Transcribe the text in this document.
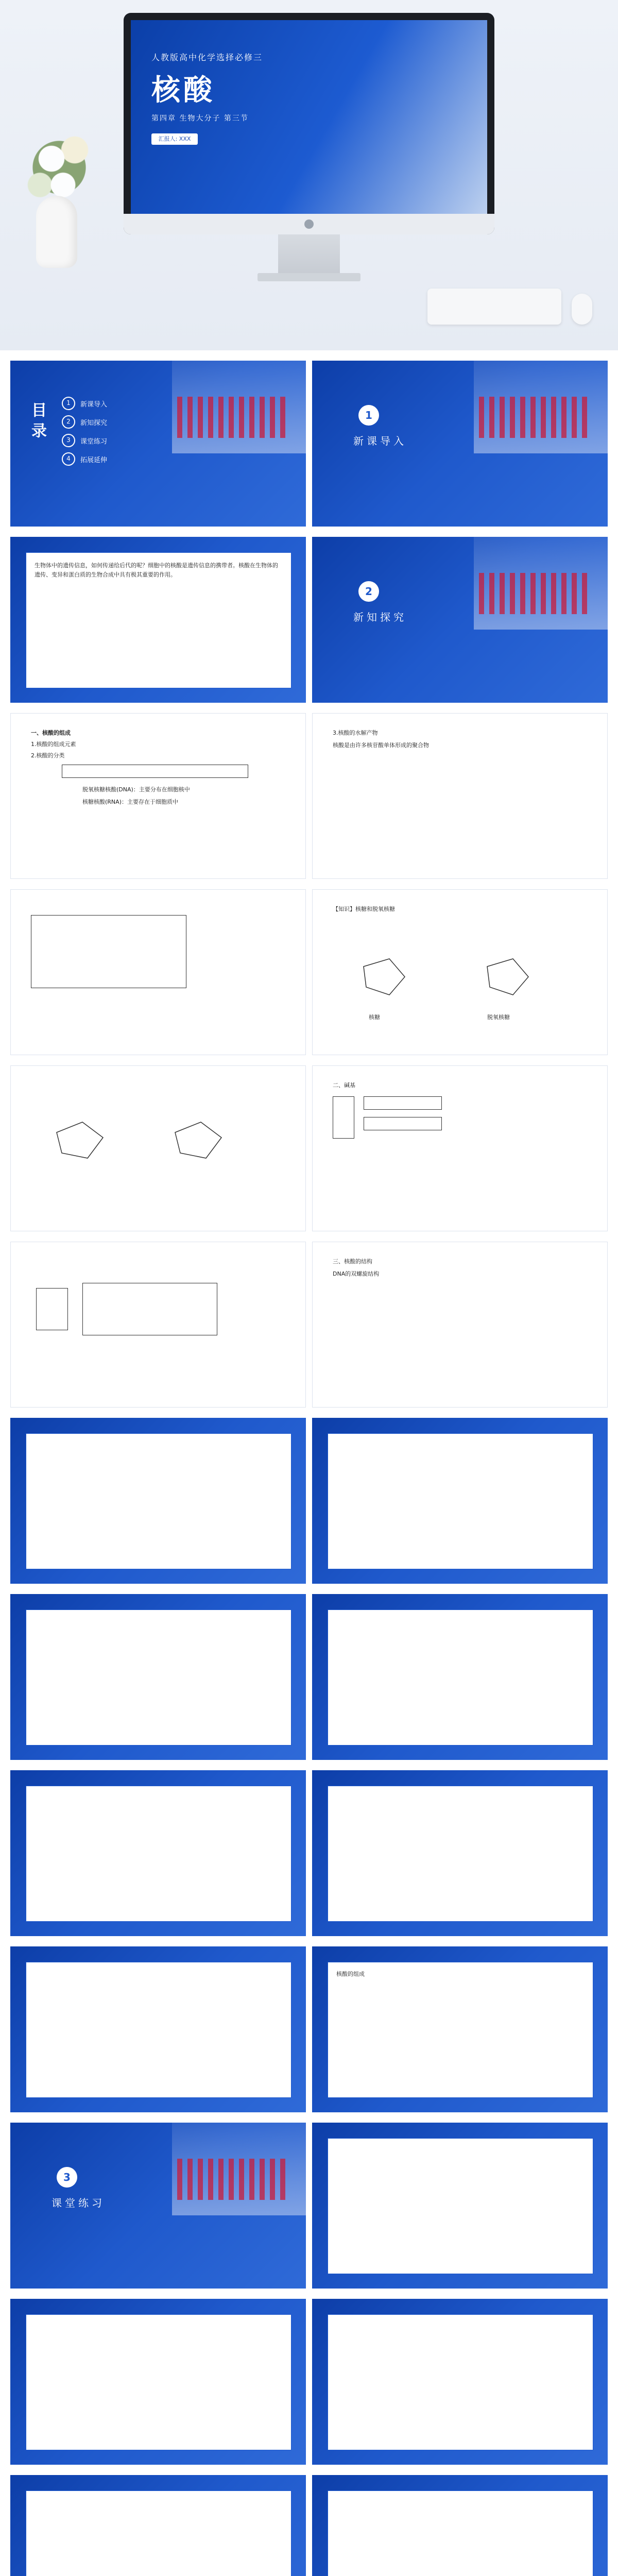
人教版高中化学选择必修三
核酸
第四章 生物大分子 第三节
汇报人: XXX
目录	1	新课导入
2	新知探究
3	课堂练习
4	拓展延伸
1
新课导入
生物体中的遗传信息，如何传递给后代的呢？细胞中的核酸是遗传信息的携带者。核酸在生物体的遗传、变异和蛋白质的生物合成中具有极其重要的作用。
2
新知探究
一、核酸的组成
1.核酸的组成元素
2.核酸的分类
脱氧核糖核酸(DNA)：主要分布在细胞核中
核糖核酸(RNA)：主要存在于细胞质中
3.核酸的水解产物
核酸是由许多核苷酸单体形成的聚合物
【知识】核糖和脱氧核糖
核糖	脱氧核糖
二、碱基
三、核酸的结构
DNA的双螺旋结构
核酸的组成
3
课堂练习
